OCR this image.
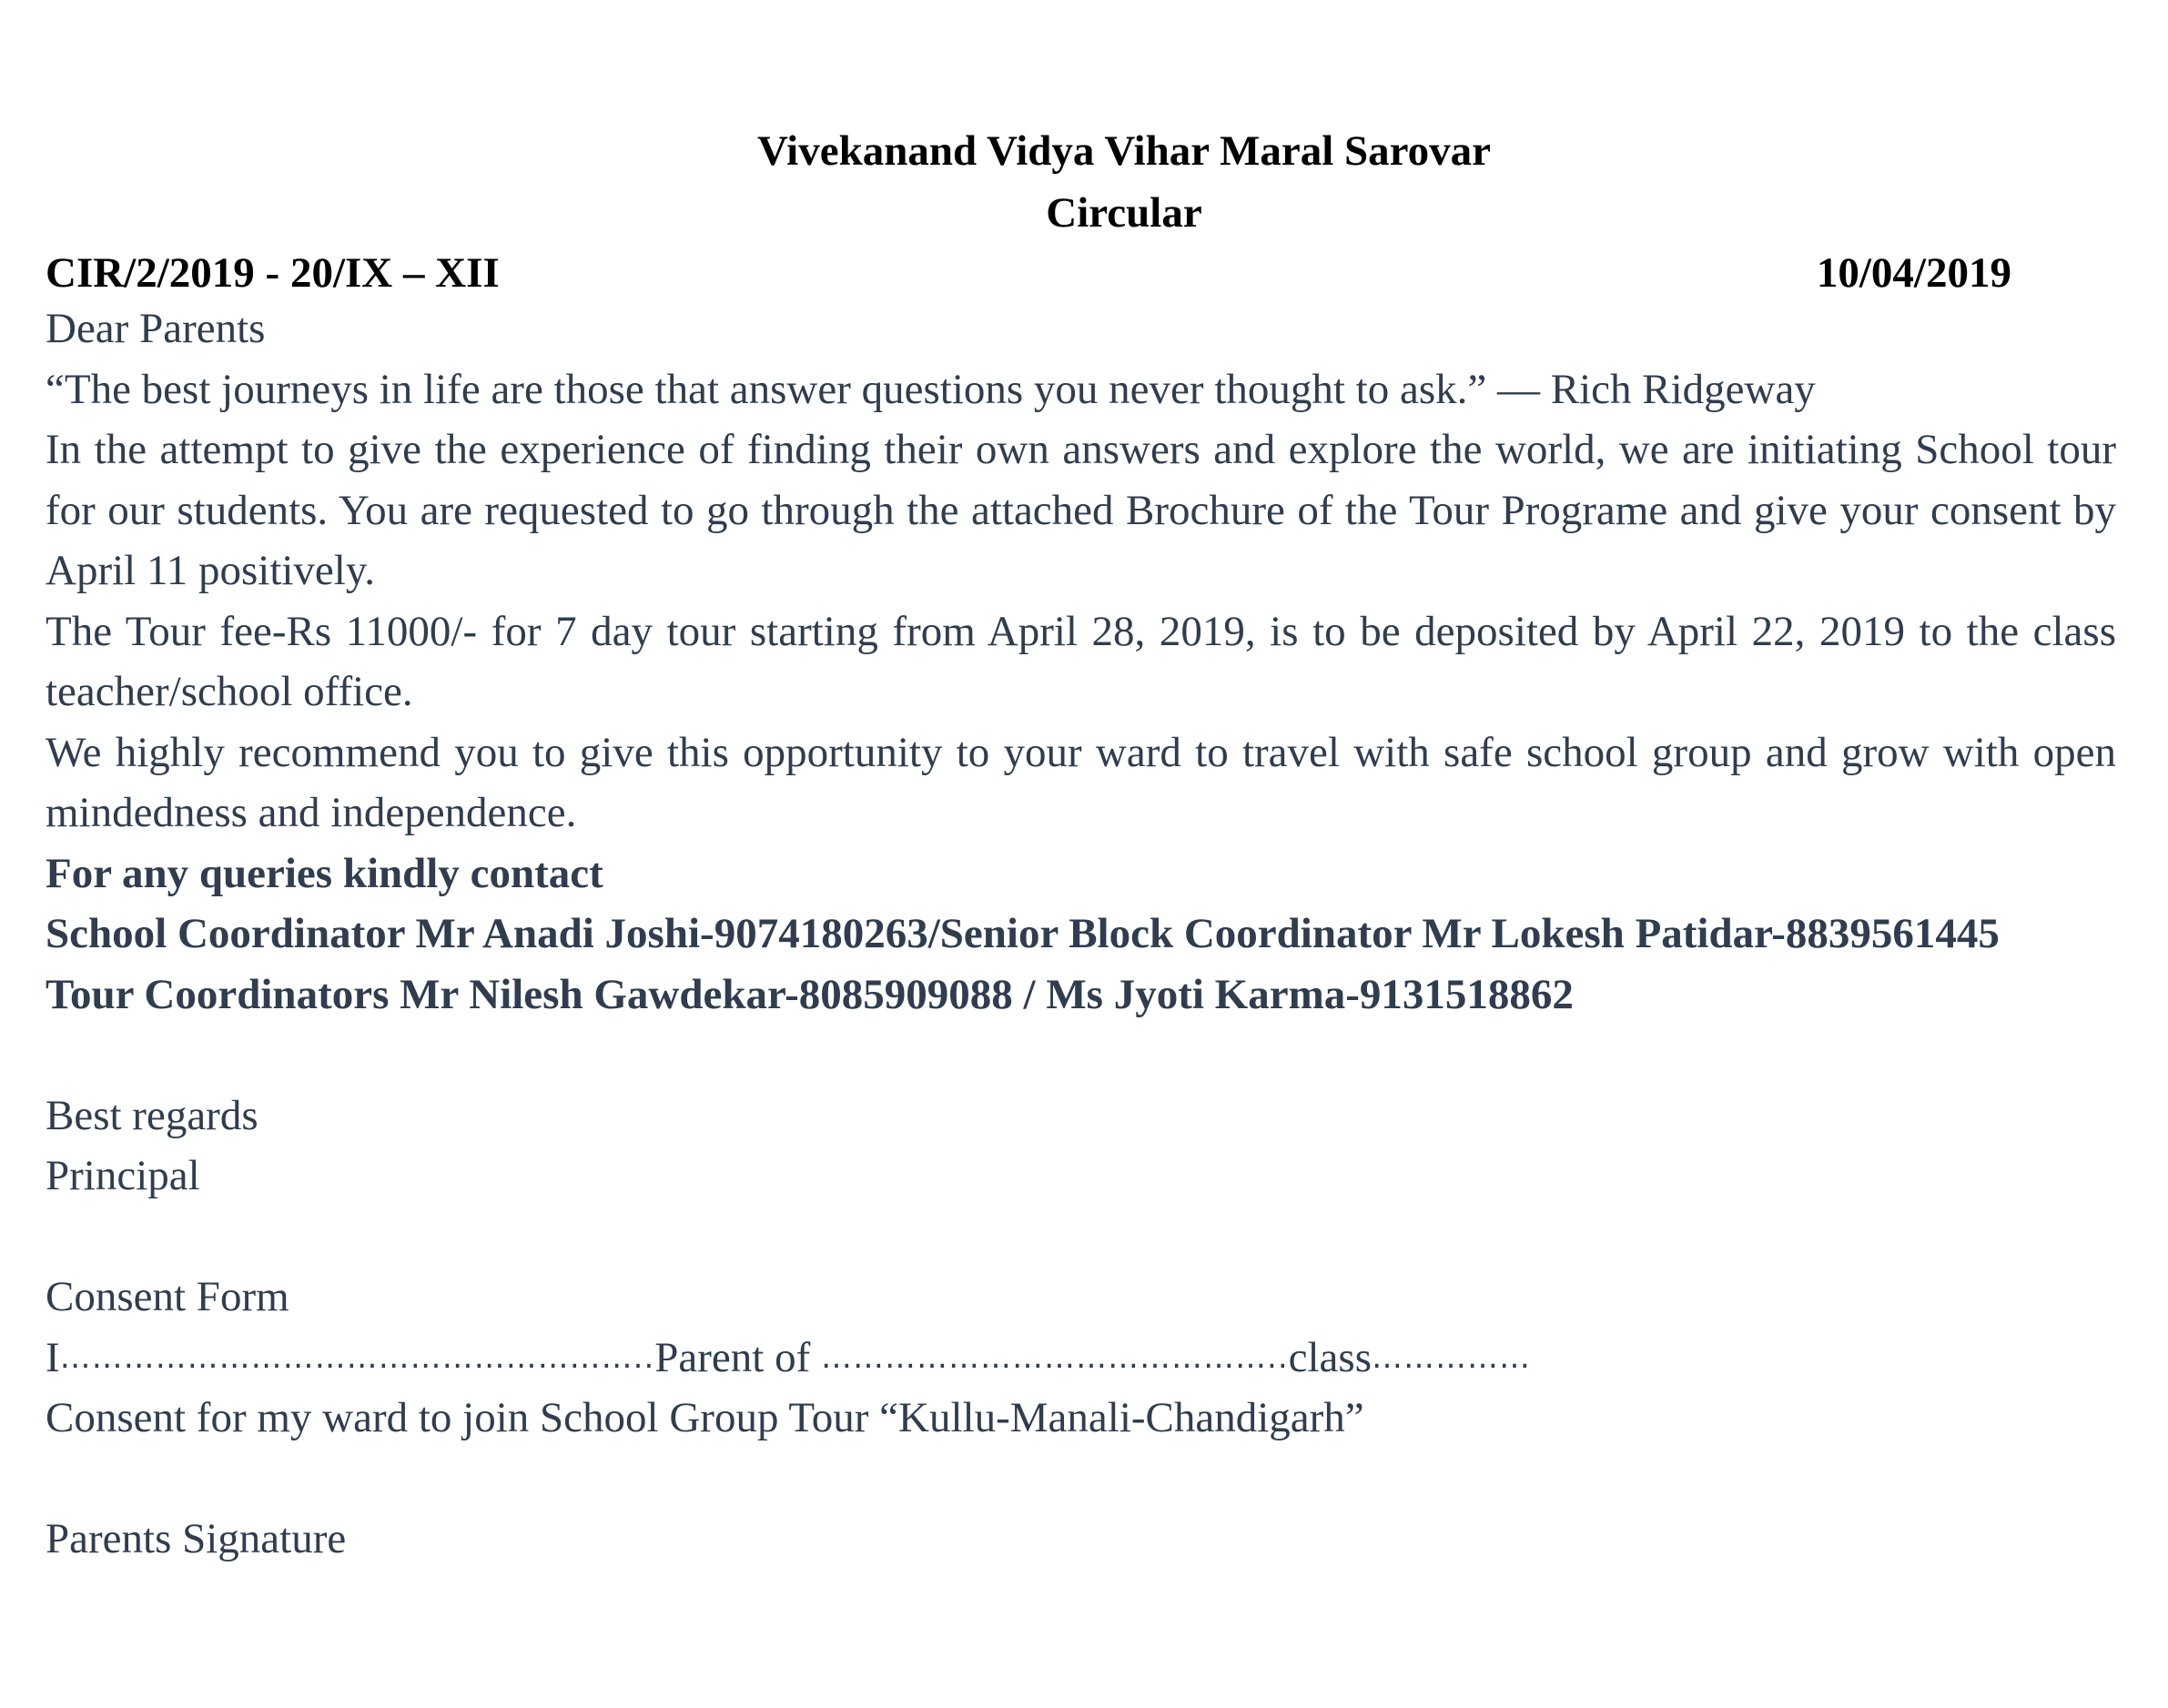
Vivekanand Vidya Vihar Maral Sarovar
Circular
CIR/2/2019 - 20/IX – XII	10/04/2019

Dear Parents

“The best journeys in life are those that answer questions you never thought to ask.” ― Rich Ridgeway

In the attempt to give the experience of finding their own answers and explore the world, we are initiating School tour for our students. You are requested to go through the attached Brochure of the Tour Programe and give your consent by April 11 positively.

The Tour fee-Rs 11000/- for 7 day tour starting from April 28, 2019, is to be deposited by April 22, 2019 to the class teacher/school office.

We highly recommend you to give this opportunity to your ward to travel with safe school group and grow with open mindedness and independence.

For any queries kindly contact

School Coordinator Mr Anadi Joshi-9074180263/Senior Block Coordinator Mr Lokesh Patidar-8839561445

Tour Coordinators Mr Nilesh Gawdekar-8085909088 / Ms Jyoti Karma-9131518862

Best regards

Principal

Consent Form

I ……………………………………………….. Parent of …………………………………….. class ……………

Consent for my ward to join School Group Tour “Kullu-Manali-Chandigarh”

Parents Signature
